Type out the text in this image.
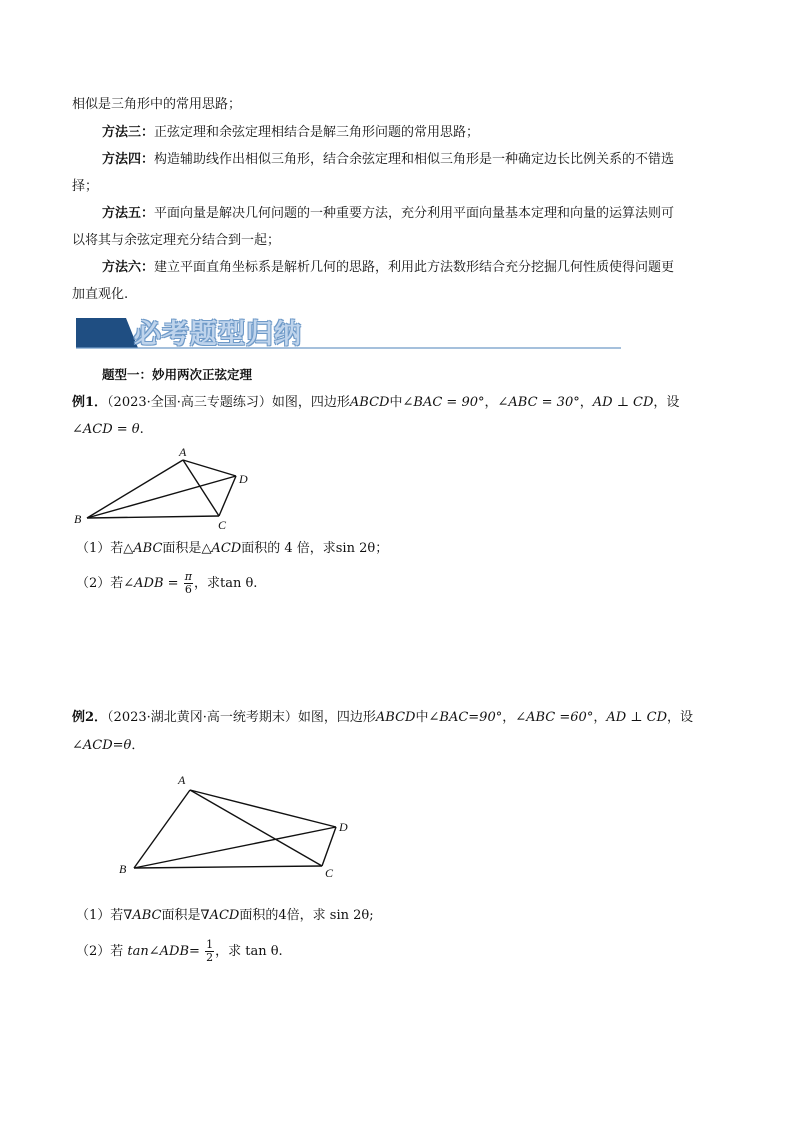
相似是三角形中的常用思路；
方法三：正弦定理和余弦定理相结合是解三角形问题的常用思路；
方法四：构造辅助线作出相似三角形，结合余弦定理和相似三角形是一种确定边长比例关系的不错选
择；
方法五：平面向量是解决几何问题的一种重要方法，充分利用平面向量基本定理和向量的运算法则可
以将其与余弦定理充分结合到一起；
方法六：建立平面直角坐标系是解析几何的思路，利用此方法数形结合充分挖掘几何性质使得问题更
加直观化.
必考题型归纳
题型一：妙用两次正弦定理
例1．（2023·全国·高三专题练习）如图，四边形ABCD中∠BAC = 90°，∠ABC = 30°，AD ⊥ CD，设
∠ACD = θ.
A
B	C
D
（1）若△ABC面积是△ACD面积的 4 倍，求sin 2θ；
（2）若∠ADB = $\frac{\pi}{6}$ ，求tan θ.
例2．（2023·湖北黄冈·高一统考期末）如图，四边形ABCD中∠BAC=90°，∠ABC =60°，AD ⊥ CD，设
∠ACD=θ．
A
B	C
D
（1）若∇ABC面积是∇ACD面积的4倍，求 sin 2θ;
（2）若 tan∠ADB= $\frac{1}{2}$ ，求 tan θ.
